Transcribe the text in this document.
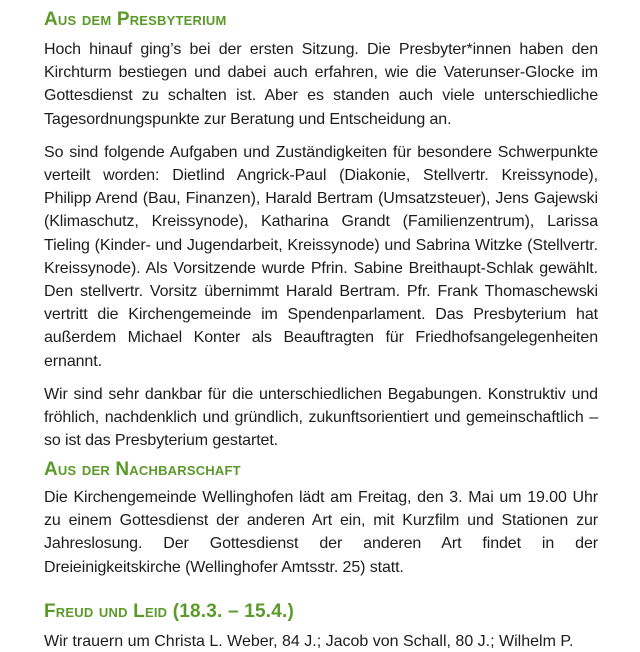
Aus dem Presbyterium

Hoch hinauf ging’s bei der ersten Sitzung. Die Presbyter*innen haben den Kirchturm bestiegen und dabei auch erfahren, wie die Vaterunser-Glocke im Gottesdienst zu schalten ist. Aber es standen auch viele unterschiedliche Tagesordnungspunkte zur Beratung und Entscheidung an.

So sind folgende Aufgaben und Zuständigkeiten für besondere Schwerpunkte verteilt worden: Dietlind Angrick-Paul (Diakonie, Stellvertr. Kreissynode), Philipp Arend (Bau, Finanzen), Harald Bertram (Umsatzsteuer), Jens Gajewski (Klimaschutz, Kreissynode), Katharina Grandt (Familienzentrum), Larissa Tieling (Kinder- und Jugendarbeit, Kreissynode) und Sabrina Witzke (Stellvertr. Kreissynode). Als Vorsitzende wurde Pfrin. Sabine Breithaupt-Schlak gewählt. Den stellvertr. Vorsitz übernimmt Harald Bertram. Pfr. Frank Thomaschewski vertritt die Kirchengemeinde im Spendenparlament. Das Presbyterium hat außerdem Michael Konter als Beauftragten für Friedhofsangelegenheiten ernannt.

Wir sind sehr dankbar für die unterschiedlichen Begabungen. Konstruktiv und fröhlich, nachdenklich und gründlich, zukunftsorientiert und gemeinschaftlich – so ist das Presbyterium gestartet.

Aus der Nachbarschaft

Die Kirchengemeinde Wellinghofen lädt am Freitag, den 3. Mai um 19.00 Uhr zu einem Gottesdienst der anderen Art ein, mit Kurzfilm und Stationen zur Jahreslosung. Der Gottesdienst der anderen Art findet in der Dreieinigkeitskirche (Wellinghofer Amtsstr. 25) statt.

Freud und Leid (18.3. – 15.4.)
Wir trauern um Christa L. Weber, 84 J.; Jacob von Schall, 80 J.; Wilhelm P.
